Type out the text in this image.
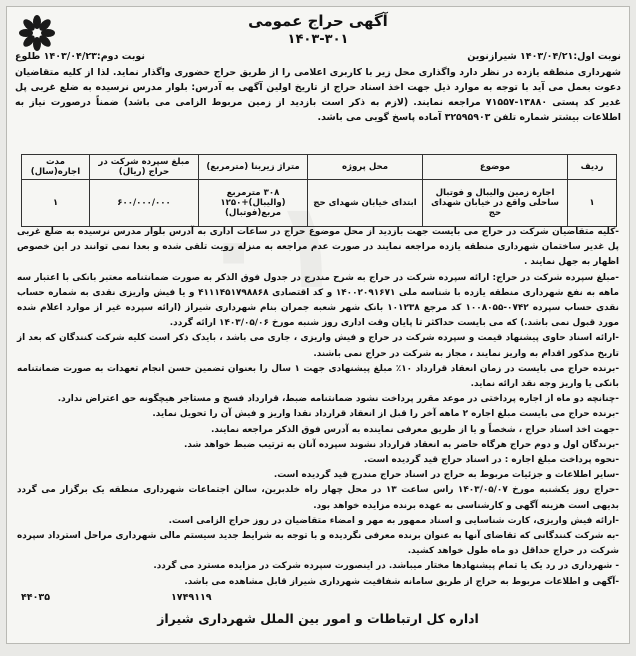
آگهی حراج عمومی
۱۴۰۳-۳۰۱
نوبت اول:۱۴۰۳/۰۴/۲۱ شیرازنوین
نوبت دوم:۱۴۰۳/۰۴/۲۳ طلوع
شهرداری منطقه یازده در نظر دارد واگذاری محل زیر با کاربری اعلامی را از طریق حراج حضوری واگذار نماید. لذا از کلیه متقاضیان دعوت بعمل می آید با توجه به موارد ذیل جهت اخذ اسناد حراج از تاریخ اولین آگهی به آدرس: بلوار مدرس نرسیده به ضلع غربی پل غدیر کد پستی ۱۳۸۸۰-۷۱۵۵۷ مراجعه نمایند. (لازم به ذکر است بازدید از زمین مربوط الزامی می باشد) ضمناً درصورت نیاز به اطلاعات بیشتر شماره تلفن ۳۲۵۹۵۹۰۳ آماده پاسخ گویی می باشد.
ردیف	موضوع	محل پروژه	متراژ زیربنا (مترمربع)	مبلغ سپرده شرکت در حراج (ریال)	مدت اجاره(سال)
۱	اجاره زمین والیبال و فوتبال ساحلی واقع در خیابان شهدای حج	ابتدای خیابان شهدای حج	۳۰۸ مترمربع (والیبال)+۱۲۵۰ مربع(فوتبال)	۶۰۰/۰۰۰/۰۰۰	۱

-کلیه متقاضیان شرکت در حراج می بایست جهت بازدید از محل موضوع حراج در ساعات اداری به آدرس بلوار مدرس نرسیده به ضلع غربی پل غدیر ساختمان شهرداری منطقه یازده مراجعه نمایند در صورت عدم مراجعه به منزله رویت تلقی شده و بعدا نمی توانند در این خصوص اظهار به جهل نمایند .

-مبلغ سپرده شرکت در حراج: ارائه سپرده شرکت در حراج به شرح مندرج در جدول فوق الذکر به صورت ضمانتنامه معتبر بانکی با اعتبار سه ماهه به نفع شهرداری منطقه یازده با شناسه ملی ۱۴۰۰۲۰۹۱۶۷۱ و کد اقتصادی ۴۱۱۱۴۵۱۷۹۸۸۶۸ و یا فیش واریزی نقدی به شماره حساب نقدی حساب سپرده ۰۷۴۲-۱۰۰۸۰۵۵ کد مرجع ۱۰۱۲۳۸ بانک شهر شعبه جمران بنام شهرداری شیراز (ارائه سپرده غیر از موارد اعلام شده مورد قبول نمی باشد.) که می بایست حداکثر تا پایان وقت اداری روز شنبه مورخ ۱۴۰۳/۰۵/۰۶ ارائه گردد.

-ارائه اسناد حاوی پیشنهاد قیمت و سپرده شرکت در حراج و فیش واریزی ، جاری می باشد ، بایدک ذکر است کلیه شرکت کنندگان که بعد از تاریخ مذکور اقدام به واریز نمایند ، مجاز به شرکت در حراج نمی باشند.

-برنده حراج می بایست در زمان انعقاد قرارداد ۱۰٪ مبلغ پیشنهادی جهت ۱ سال را بعنوان تضمین حسن انجام تعهدات به صورت ضمانتنامه بانکی یا واریز وجه نقد ارائه نماید.

-چنانچه دو ماه از اجاره پرداختی در موعد مقرر پرداخت نشود ضمانتنامه ضبط، قرارداد فسخ و مستاجر هیچگونه حق اعتراض ندارد.

-برنده حراج می بایست مبلغ اجاره ۲ ماهه آخر را قبل از انعقاد قرارداد نقدا واریز و فیش آن را تحویل نماید.

-جهت اخذ اسناد حراج ، شخصاً و یا از طریق معرفی نماینده به آدرس فوق الذکر مراجعه نمایند.

-برندگان اول و دوم حراج هرگاه حاضر به انعقاد قرارداد نشوند سپرده آنان به ترتیب ضبط خواهد شد.

-نحوه پرداخت مبلغ اجاره : در اسناد حراج قید گردیده است.

-سایر اطلاعات و جزئیات مربوط به حراج در اسناد حراج مندرج قید گردیده است.

-حراج روز یکشنبه مورخ ۱۴۰۳/۰۵/۰۷ راس ساعت ۱۳ در محل چهار راه خلدبرین، سالن اجتماعات شهرداری منطقه یک برگزار می گردد بدیهی است هزینه آگهی و کارشناسی به عهده برنده مزایده خواهد بود.

-ارائه فیش واریزی، کارت شناسایی و اسناد ممهور به مهر و امضاء متقاضیان در روز حراج الزامی است.

-به شرکت کنندگانی که تقاضای آنها به عنوان برنده معرفی نگردیده و با توجه به شرایط جدید سیستم مالی شهرداری مراحل استرداد سپرده شرکت در حراج حداقل دو ماه طول خواهد کشید.

- شهرداری در رد یک یا تمام پیشنهادها مختار میباشد. در اینصورت سپرده شرکت در مزایده مسترد می گردد.

-آگهی و اطلاعات مربوط به حراج از طریق سامانه شفافیت شهرداری شیراز قابل مشاهده می باشد.

۴۴۰۳۵	۱۷۴۹۱۱۹
اداره کل ارتباطات و امور بین الملل شهرداری شیراز
